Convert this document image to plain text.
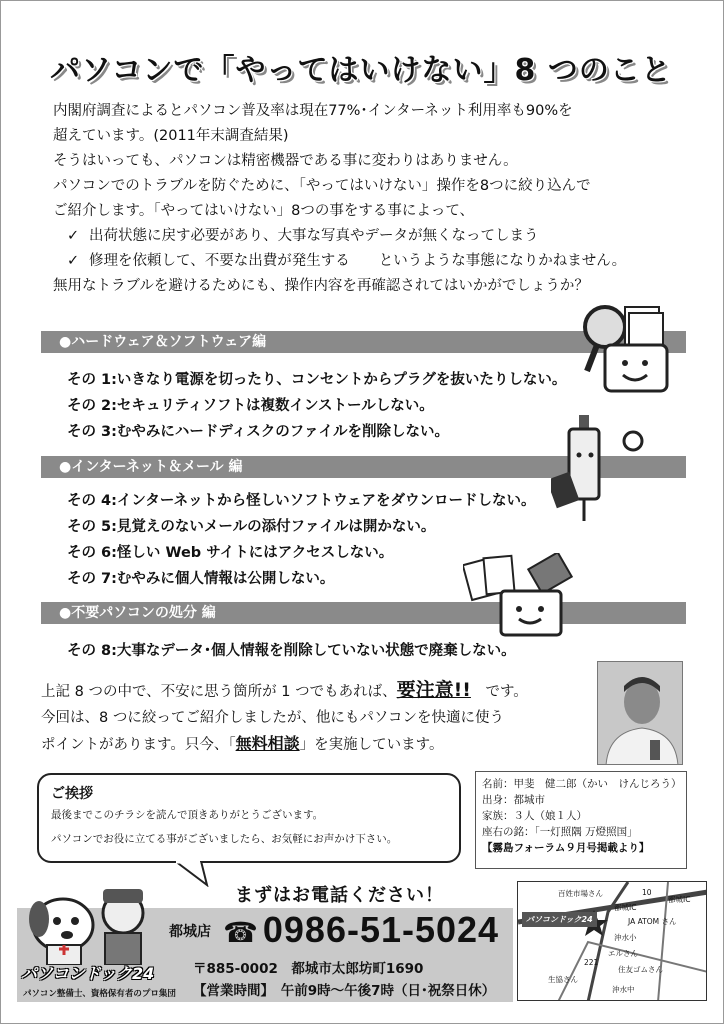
パソコンで「やってはいけない」8 つのこと

内閣府調査によるとパソコン普及率は現在77%･インターネット利用率も90%を

超えています。(2011年末調査結果)

そうはいっても、パソコンは精密機器である事に変わりはありません。

パソコンでのトラブルを防ぐために、「やってはいけない」操作を8つに絞り込んで

ご紹介します。「やってはいけない」8つの事をする事によって、

✓ 出荷状態に戻す必要があり、大事な写真やデータが無くなってしまう

✓ 修理を依頼して、不要な出費が発生する　　というような事態になりかねません。

無用なトラブルを避けるためにも、操作内容を再確認されてはいかがでしょうか？

●ハードウェア＆ソフトウェア編

その 1:いきなり電源を切ったり、コンセントからプラグを抜いたりしない。

その 2:セキュリティソフトは複数インストールしない。

その 3:むやみにハードディスクのファイルを削除しない。

●インターネット＆メール 編

その 4:インターネットから怪しいソフトウェアをダウンロードしない。

その 5:見覚えのないメールの添付ファイルは開かない。

その 6:怪しい Web サイトにはアクセスしない。

その 7:むやみに個人情報は公開しない。

●不要パソコンの処分 編

その 8:大事なデータ･個人情報を削除していない状態で廃棄しない。

上記 8 つの中で、不安に思う箇所が 1 つでもあれば、要注意!!　 です。

今回は、8 つに絞ってご紹介しましたが、他にもパソコンを快適に使う

ポイントがあります。只今、「無料相談」を実施しています。

ご挨拶

最後までこのチラシを読んで頂きありがとうございます。

パソコンでお役に立てる事がございましたら、お気軽にお声かけ下さい。

名前：甲斐　健二郎（かい　けんじろう）

出身：都城市

家族：３人（娘１人）

座右の銘：「一灯照隅 万燈照国」

【霧島フォーラム９月号掲載より】

まずはお電話ください！
都城店 ☎ 0986-51-5024
〒885-0002　都城市太郎坊町1690
【営業時間】　午前9時～午後7時（日･祝祭日休）
パソコンドック24
パソコン整備士、資格保有者のプロ集団
パソコンドック24
百姓市場さん
都城IC
都城IC
JA ATOM さん
沖水小
エルさん
住友ゴムさん
生協さん
沖水中
10
221
